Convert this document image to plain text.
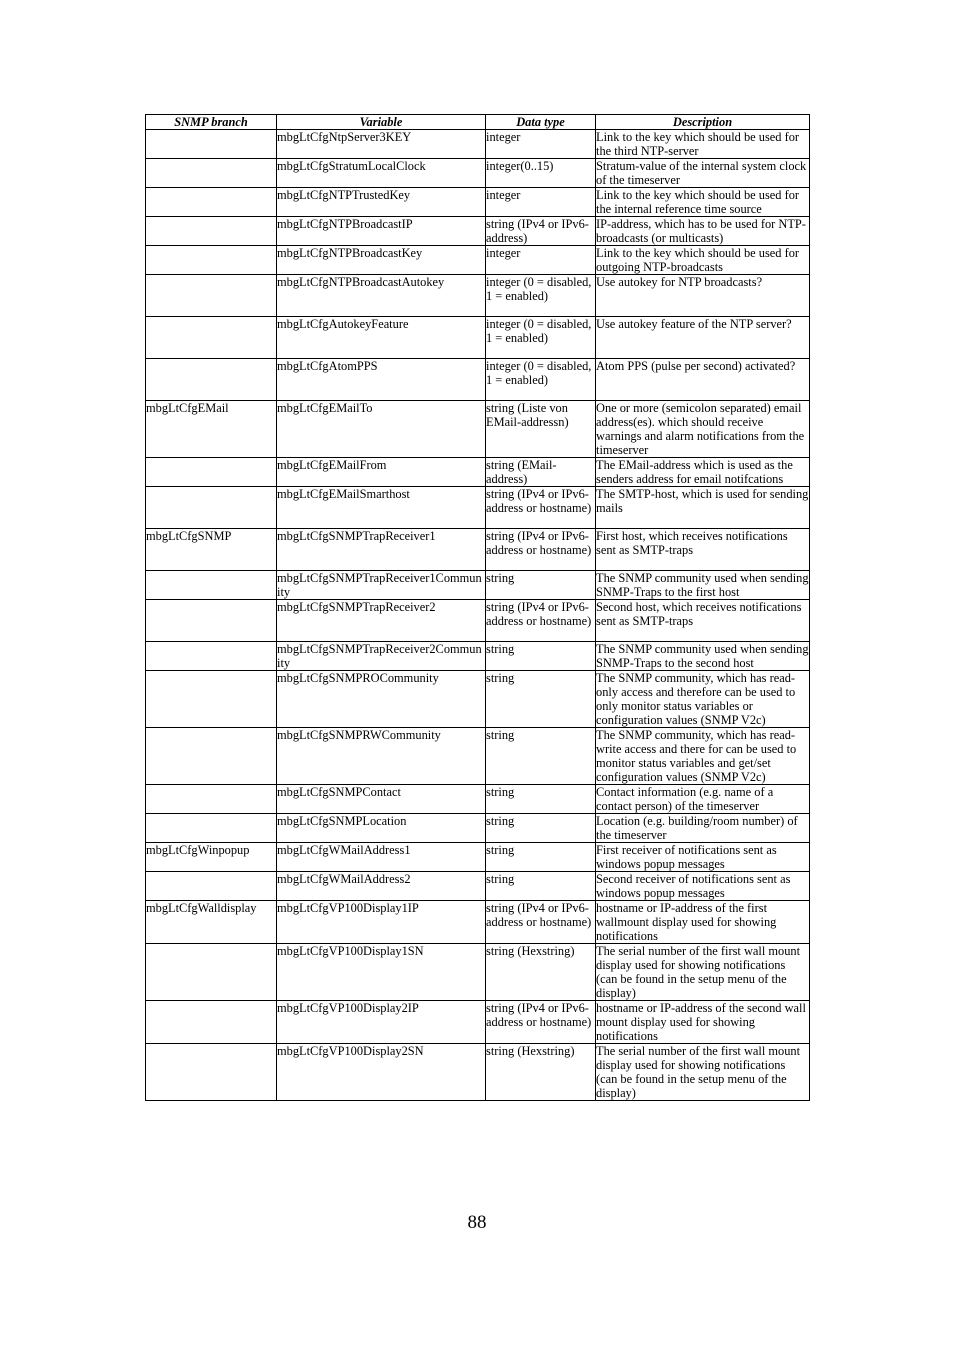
SNMP branch	Variable	Data type	Description
	mbgLtCfgNtpServer3KEY	integer	Link to the key which should be used for the third NTP-server
	mbgLtCfgStratumLocalClock	integer(0..15)	Stratum-value of the internal system clock of the timeserver
	mbgLtCfgNTPTrustedKey	integer	Link to the key which should be used for the internal reference time source
	mbgLtCfgNTPBroadcastIP	string (IPv4 or IPv6-address)	IP-address, which has to be used for NTP-broadcasts (or multicasts)
	mbgLtCfgNTPBroadcastKey	integer	Link to the key which should be used for outgoing NTP-broadcasts
	mbgLtCfgNTPBroadcastAutokey	integer (0 = disabled, 1 = enabled)	Use autokey for NTP broadcasts?
	mbgLtCfgAutokeyFeature	integer (0 = disabled, 1 = enabled)	Use autokey feature of the NTP server?
	mbgLtCfgAtomPPS	integer (0 = disabled, 1 = enabled)	Atom PPS (pulse per second) activated?
mbgLtCfgEMail	mbgLtCfgEMailTo	string (Liste von EMail-addressn)	One or more (semicolon separated) email address(es). which should receive warnings and alarm notifications from the timeserver
	mbgLtCfgEMailFrom	string (EMail-address)	The EMail-address which is used as the senders address for email notifcations
	mbgLtCfgEMailSmarthost	string (IPv4 or IPv6-address or hostname)	The SMTP-host, which is used for sending mails
mbgLtCfgSNMP	mbgLtCfgSNMPTrapReceiver1	string (IPv4 or IPv6-address or hostname)	First host, which receives notifications sent as SMTP-traps
	mbgLtCfgSNMPTrapReceiver1Community	string	The SNMP community used when sending SNMP-Traps to the first host
	mbgLtCfgSNMPTrapReceiver2	string (IPv4 or IPv6-address or hostname)	Second host, which receives notifications sent as SMTP-traps
	mbgLtCfgSNMPTrapReceiver2Community	string	The SNMP community used when sending SNMP-Traps to the second host
	mbgLtCfgSNMPROCommunity	string	The SNMP community, which has read-only access and therefore can be used to only monitor status variables or configuration values (SNMP V2c)
	mbgLtCfgSNMPRWCommunity	string	The SNMP community, which has read-write access and there for can be used to monitor status variables and get/set configuration values (SNMP V2c)
	mbgLtCfgSNMPContact	string	Contact information (e.g. name of a contact person) of the timeserver
	mbgLtCfgSNMPLocation	string	Location (e.g. building/room number) of the timeserver
mbgLtCfgWinpopup	mbgLtCfgWMailAddress1	string	First receiver of notifications sent as windows popup messages
	mbgLtCfgWMailAddress2	string	Second receiver of notifications sent as windows popup messages
mbgLtCfgWalldisplay	mbgLtCfgVP100Display1IP	string (IPv4 or IPv6-address or hostname)	hostname or IP-address of the first wallmount display used for showing notifications
	mbgLtCfgVP100Display1SN	string (Hexstring)	The serial number of the first wall mount display used for showing notifications (can be found in the setup menu of the display)
	mbgLtCfgVP100Display2IP	string (IPv4 or IPv6-address or hostname)	hostname or IP-address of the second wall mount display used for showing notifications
	mbgLtCfgVP100Display2SN	string (Hexstring)	The serial number of the first wall mount display used for showing notifications (can be found in the setup menu of the display)
88
